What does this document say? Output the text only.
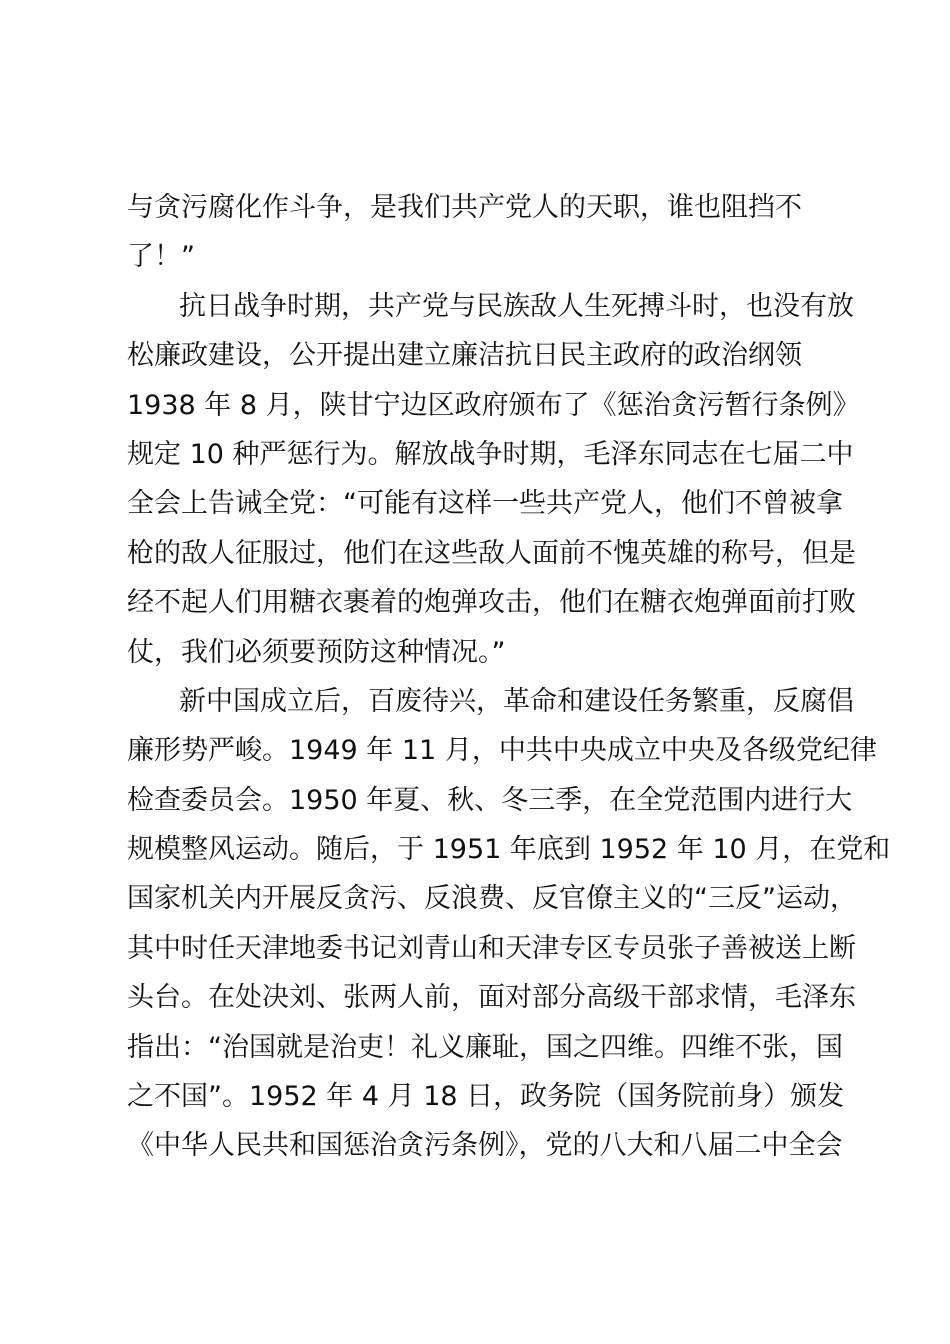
与贪污腐化作斗争，是我们共产党人的天职，谁也阻挡不
了！”
抗日战争时期，共产党与民族敌人生死搏斗时，也没有放
松廉政建设，公开提出建立廉洁抗日民主政府的政治纲领
1938 年 8 月，陕甘宁边区政府颁布了《惩治贪污暂行条例》
规定 10 种严惩行为。解放战争时期，毛泽东同志在七届二中
全会上告诫全党：“可能有这样一些共产党人，他们不曾被拿
枪的敌人征服过，他们在这些敌人面前不愧英雄的称号，但是
经不起人们用糖衣裹着的炮弹攻击，他们在糖衣炮弹面前打败
仗，我们必须要预防这种情况。”
新中国成立后，百废待兴，革命和建设任务繁重，反腐倡
廉形势严峻。1949 年 11 月，中共中央成立中央及各级党纪律
检查委员会。1950 年夏、秋、冬三季，在全党范围内进行大
规模整风运动。随后，于 1951 年底到 1952 年 10 月，在党和
国家机关内开展反贪污、反浪费、反官僚主义的“三反”运动，
其中时任天津地委书记刘青山和天津专区专员张子善被送上断
头台。在处决刘、张两人前，面对部分高级干部求情，毛泽东
指出：“治国就是治吏！礼义廉耻，国之四维。四维不张，国
之不国”。1952 年 4 月 18 日，政务院（国务院前身）颁发
《中华人民共和国惩治贪污条例》，党的八大和八届二中全会
